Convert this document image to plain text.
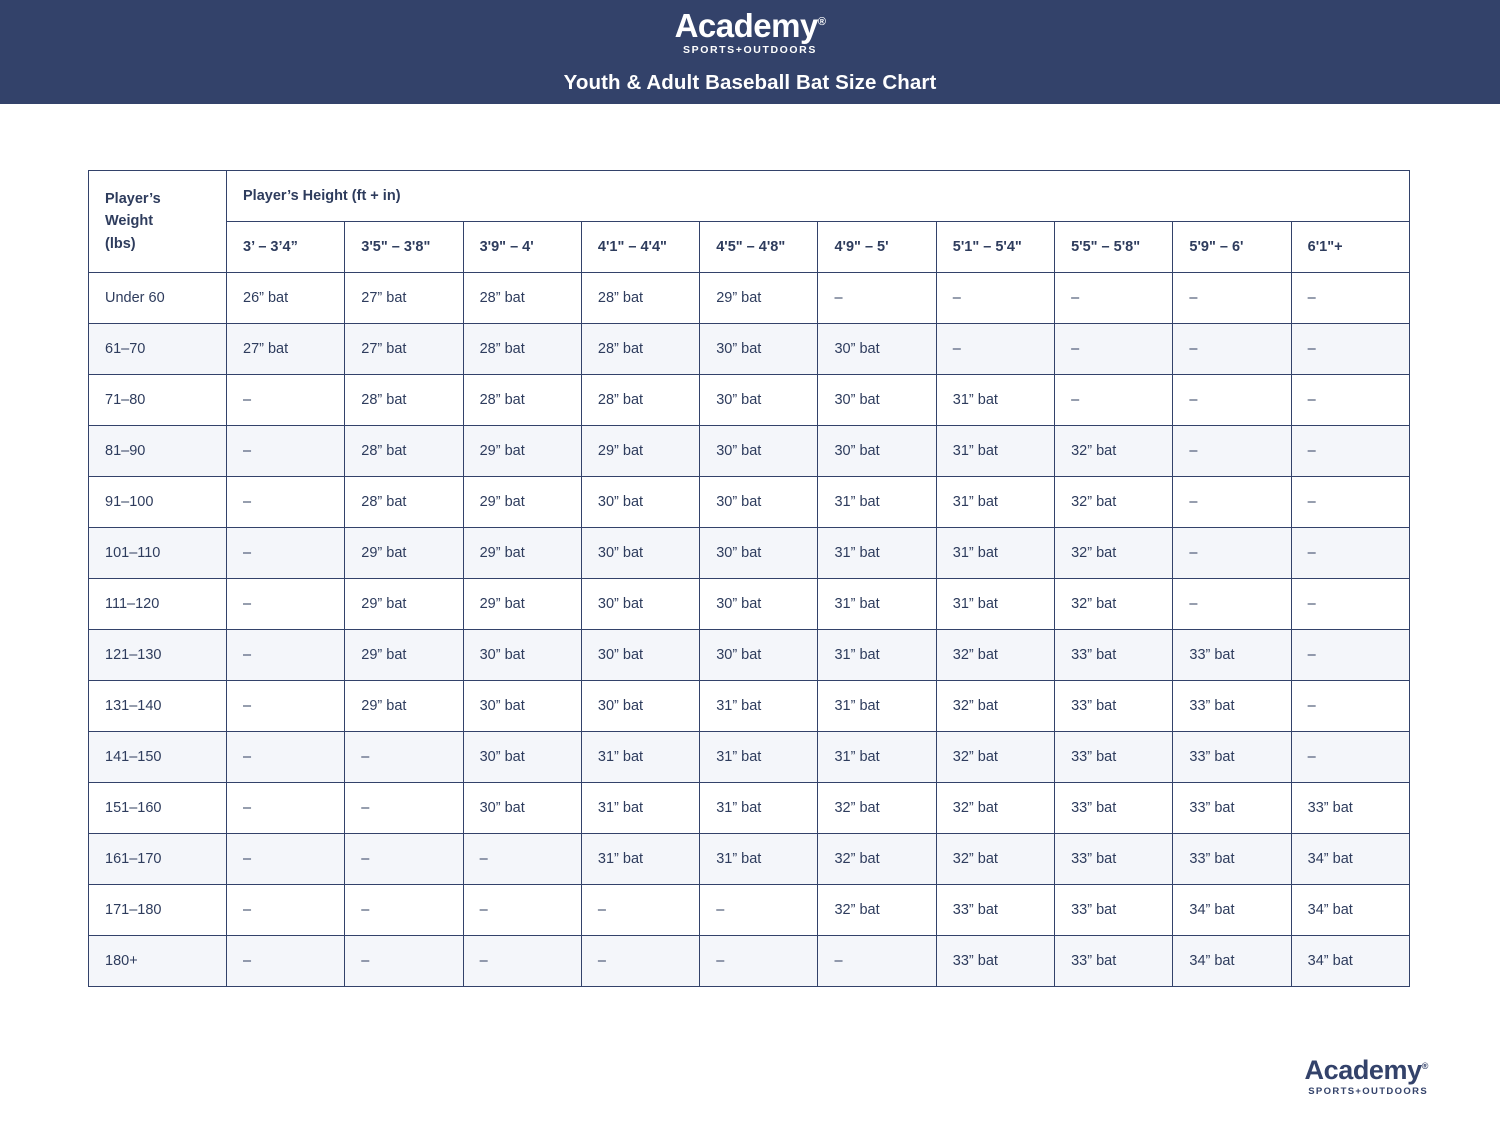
Academy®
SPORTS+OUTDOORS
Youth & Adult Baseball Bat Size Chart
Player’s
Weight
(lbs)	Player’s Height (ft + in)									
	3’ – 3’4”	3'5" – 3'8"	3'9" – 4'	4'1" – 4'4"	4'5" – 4'8"	4'9" – 5'	5'1" – 5'4"	5'5" – 5'8"	5'9" – 6'	6'1"+
Under 60	26” bat	27” bat	28” bat	28” bat	29” bat	–	–	–	–	–
61–70	27” bat	27” bat	28” bat	28” bat	30” bat	30” bat	–	–	–	–
71–80	–	28” bat	28” bat	28” bat	30” bat	30” bat	31” bat	–	–	–
81–90	–	28” bat	29” bat	29” bat	30” bat	30” bat	31” bat	32” bat	–	–
91–100	–	28” bat	29” bat	30” bat	30” bat	31” bat	31” bat	32” bat	–	–
101–110	–	29” bat	29” bat	30” bat	30” bat	31” bat	31” bat	32” bat	–	–
111–120	–	29” bat	29” bat	30” bat	30” bat	31” bat	31” bat	32” bat	–	–
121–130	–	29” bat	30” bat	30” bat	30” bat	31” bat	32” bat	33” bat	33” bat	–
131–140	–	29” bat	30” bat	30” bat	31” bat	31” bat	32” bat	33” bat	33” bat	–
141–150	–	–	30” bat	31” bat	31” bat	31” bat	32” bat	33” bat	33” bat	–
151–160	–	–	30” bat	31” bat	31” bat	32” bat	32” bat	33” bat	33” bat	33” bat
161–170	–	–	–	31” bat	31” bat	32” bat	32” bat	33” bat	33” bat	34” bat
171–180	–	–	–	–	–	32” bat	33” bat	33” bat	34” bat	34” bat
180+	–	–	–	–	–	–	33” bat	33” bat	34” bat	34” bat
Academy®
SPORTS+OUTDOORS
